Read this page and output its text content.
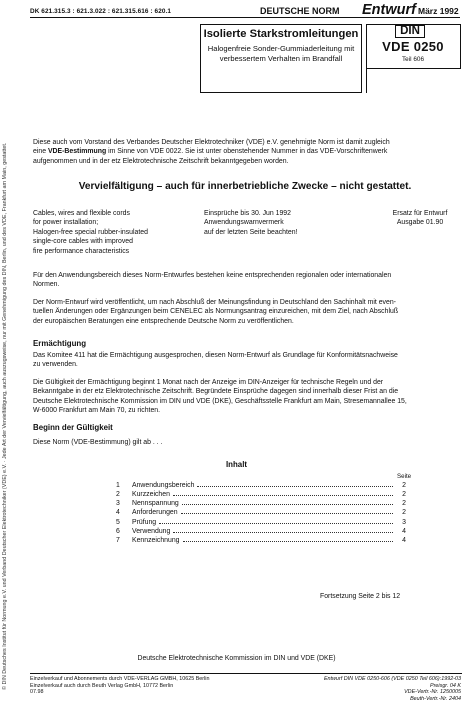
DK 621.315.3 : 621.3.022 : 621.315.616 : 620.1	DEUTSCHE NORM Entwurf März 1992
Isolierte Starkstromleitungen
Halogenfreie Sonder-Gummiaderleitung mit
verbessertem Verhalten im Brandfall
DIN
VDE 0250
Teil 606
© DIN Deutsches Institut für Normung e.V. und Verband Deutscher Elektrotechniker (VDE) e.V. · Jede Art der Vervielfältigung, auch auszugsweise, nur mit Genehmigung des DIN, Berlin, und des VDE, Frankfurt am Main, gestattet.
Diese auch vom Vorstand des Verbandes Deutscher Elektrotechniker (VDE) e.V. genehmigte Norm ist damit zugleich
eine VDE-Bestimmung im Sinne von VDE 0022. Sie ist unter obenstehender Nummer in das VDE-Vorschriftenwerk
aufgenommen und in der etz Elektrotechnische Zeitschrift bekanntgegeben worden.
Vervielfältigung – auch für innerbetriebliche Zwecke – nicht gestattet.
Cables, wires and flexible cords
for power installation;
Halogen-free special rubber-insulated
single-core cables with improved
fire performance characteristics
Einsprüche bis 30. Jun 1992
Anwendungswarnvermerk
auf der letzten Seite beachten!
Ersatz für Entwurf
Ausgabe 01.90
Für den Anwendungsbereich dieses Norm-Entwurfes bestehen keine entsprechenden regionalen oder internationalen
Normen.
Der Norm-Entwurf wird veröffentlicht, um nach Abschluß der Meinungsfindung in Deutschland den Sachinhalt mit even-
tuellen Änderungen oder Ergänzungen beim CENELEC als Normungsantrag einzureichen, mit dem Ziel, nach Abschluß
der europäischen Beratungen eine entsprechende Deutsche Norm zu veröffentlichen.
Ermächtigung
Das Komitee 411 hat die Ermächtigung ausgesprochen, diesen Norm-Entwurf als Grundlage für Konformitätsnachweise
zu verwenden.
Die Gültigkeit der Ermächtigung beginnt 1 Monat nach der Anzeige im DIN-Anzeiger für technische Regeln und der
Bekanntgabe in der etz Elektrotechnische Zeitschrift. Begründete Einsprüche dagegen sind innerhalb dieser Frist an die
Deutsche Elektrotechnische Kommission im DIN und VDE (DKE), Geschäftsstelle Frankfurt am Main, Stresemannallee 15,
W-6000 Frankfurt am Main 70, zu richten.
Beginn der Gültigkeit
Diese Norm (VDE-Bestimmung) gilt ab . . .
Inhalt
Seite
1	Anwendungsbereich	2
2	Kurzzeichen	2
3	Nennspannung	2
4	Anforderungen	2
5	Prüfung	3
6	Verwendung	4
7	Kennzeichnung	4
Fortsetzung Seite 2 bis 12
Deutsche Elektrotechnische Kommission im DIN und VDE (DKE)
Einzelverkauf und Abonnements durch VDE-VERLAG GMBH, 10625 Berlin
Einzelverkauf auch durch Beuth Verlag GmbH, 10772 Berlin
07.98
Entwurf DIN VDE 0250-606 (VDE 0250 Teil 606):1992-03
Preisgr. 04 K
VDE-Vertr.-Nr. 1250005
Beuth-Vertr.-Nr. 2404
